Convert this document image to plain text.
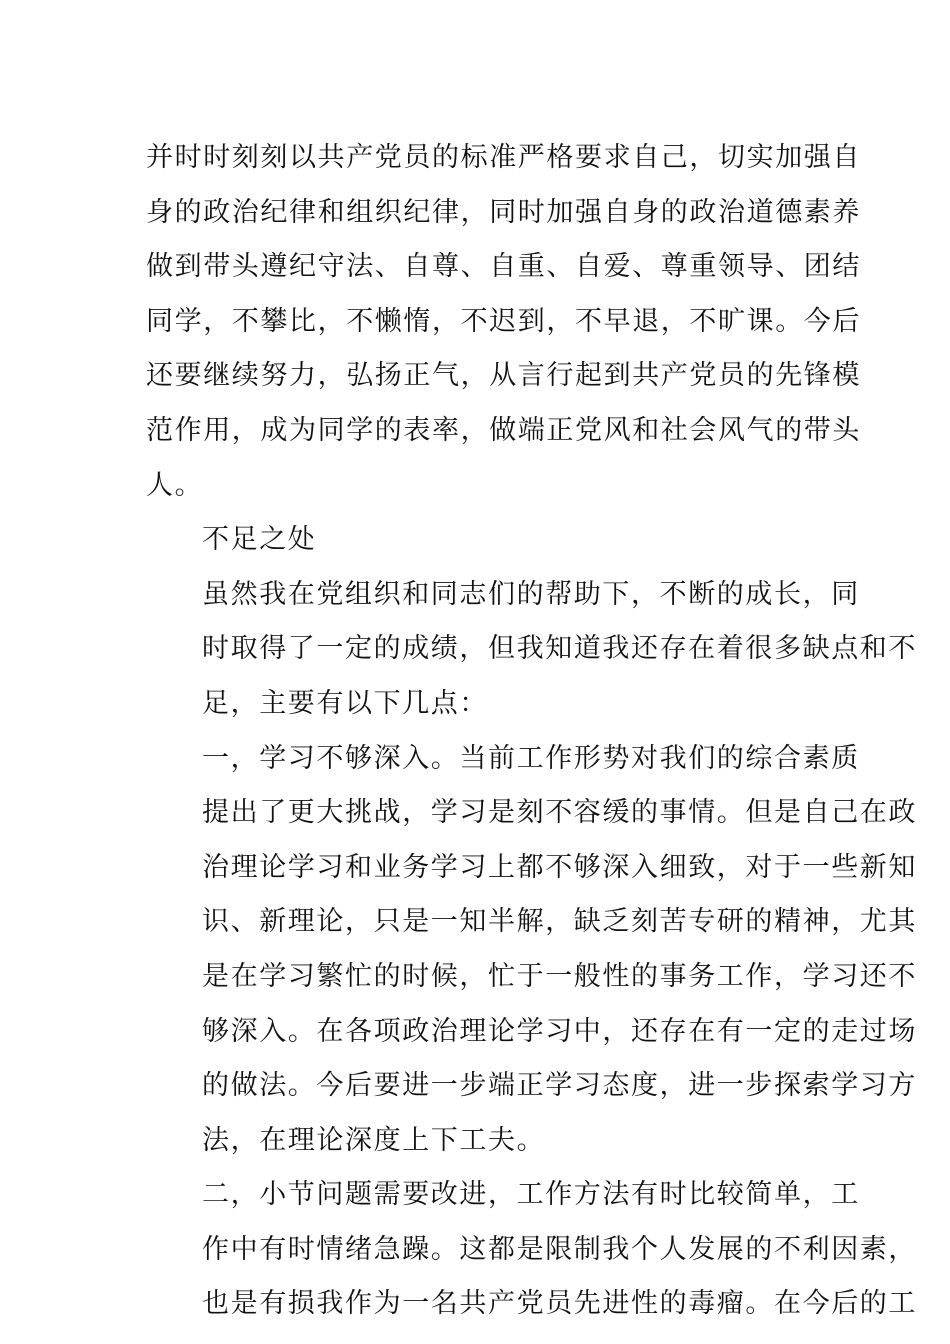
并时时刻刻以共产党员的标准严格要求自己，切实加强自
身的政治纪律和组织纪律，同时加强自身的政治道德素养
做到带头遵纪守法、自尊、自重、自爱、尊重领导、团结
同学，不攀比，不懒惰，不迟到，不早退，不旷课。今后
还要继续努力，弘扬正气，从言行起到共产党员的先锋模
范作用，成为同学的表率，做端正党风和社会风气的带头
人。

不足之处

虽然我在党组织和同志们的帮助下，不断的成长，同
时取得了一定的成绩，但我知道我还存在着很多缺点和不
足，主要有以下几点：

一，学习不够深入。当前工作形势对我们的综合素质
提出了更大挑战，学习是刻不容缓的事情。但是自己在政
治理论学习和业务学习上都不够深入细致，对于一些新知
识、新理论，只是一知半解，缺乏刻苦专研的精神，尤其
是在学习繁忙的时候，忙于一般性的事务工作，学习还不
够深入。在各项政治理论学习中，还存在有一定的走过场
的做法。今后要进一步端正学习态度，进一步探索学习方
法，在理论深度上下工夫。

二，小节问题需要改进，工作方法有时比较简单，工
作中有时情绪急躁。这都是限制我个人发展的不利因素，
也是有损我作为一名共产党员先进性的毒瘤。在今后的工
